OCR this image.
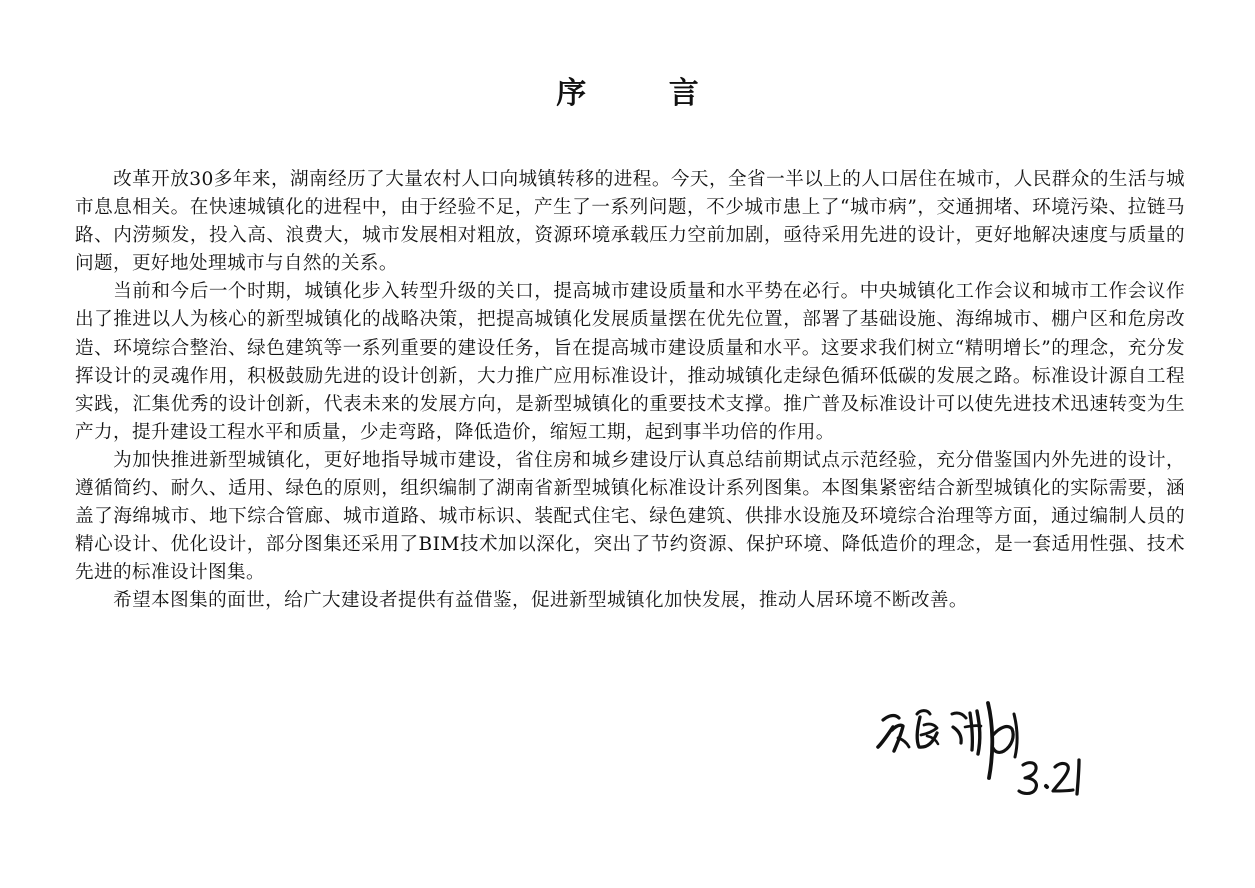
序 言

改革开放30多年来，湖南经历了大量农村人口向城镇转移的进程。今天，全省一半以上的人口居住在城市，人民群众的生活与城市息息相关。在快速城镇化的进程中，由于经验不足，产生了一系列问题，不少城市患上了“城市病”，交通拥堵、环境污染、拉链马路、内涝频发，投入高、浪费大，城市发展相对粗放，资源环境承载压力空前加剧，亟待采用先进的设计，更好地解决速度与质量的问题，更好地处理城市与自然的关系。

当前和今后一个时期，城镇化步入转型升级的关口，提高城市建设质量和水平势在必行。中央城镇化工作会议和城市工作会议作出了推进以人为核心的新型城镇化的战略决策，把提高城镇化发展质量摆在优先位置，部署了基础设施、海绵城市、棚户区和危房改造、环境综合整治、绿色建筑等一系列重要的建设任务，旨在提高城市建设质量和水平。这要求我们树立“精明增长”的理念，充分发挥设计的灵魂作用，积极鼓励先进的设计创新，大力推广应用标准设计，推动城镇化走绿色循环低碳的发展之路。标准设计源自工程实践，汇集优秀的设计创新，代表未来的发展方向，是新型城镇化的重要技术支撑。推广普及标准设计可以使先进技术迅速转变为生产力，提升建设工程水平和质量，少走弯路，降低造价，缩短工期，起到事半功倍的作用。

为加快推进新型城镇化，更好地指导城市建设，省住房和城乡建设厅认真总结前期试点示范经验，充分借鉴国内外先进的设计，遵循简约、耐久、适用、绿色的原则，组织编制了湖南省新型城镇化标准设计系列图集。本图集紧密结合新型城镇化的实际需要，涵盖了海绵城市、地下综合管廊、城市道路、城市标识、装配式住宅、绿色建筑、供排水设施及环境综合治理等方面，通过编制人员的精心设计、优化设计，部分图集还采用了BIM技术加以深化，突出了节约资源、保护环境、降低造价的理念，是一套适用性强、技术先进的标准设计图集。

希望本图集的面世，给广大建设者提供有益借鉴，促进新型城镇化加快发展，推动人居环境不断改善。
